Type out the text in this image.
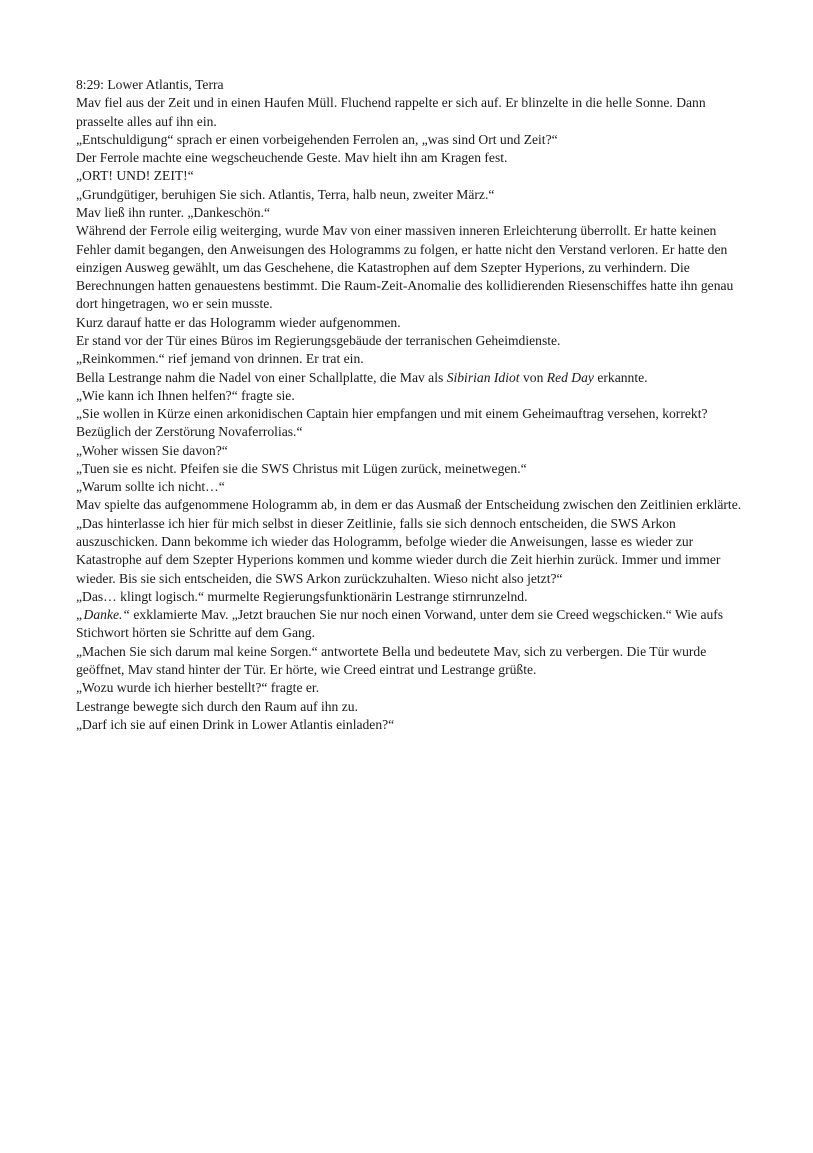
8:29: Lower Atlantis, Terra

Mav fiel aus der Zeit und in einen Haufen Müll. Fluchend rappelte er sich auf. Er blinzelte in die helle Sonne. Dann prasselte alles auf ihn ein.

„Entschuldigung“ sprach er einen vorbeigehenden Ferrolen an, „was sind Ort und Zeit?“

Der Ferrole machte eine wegscheuchende Geste. Mav hielt ihn am Kragen fest.

„ORT! UND! ZEIT!“

„Grundgütiger, beruhigen Sie sich. Atlantis, Terra, halb neun, zweiter März.“

Mav ließ ihn runter. „Dankeschön.“

Während der Ferrole eilig weiterging, wurde Mav von einer massiven inneren Erleichterung überrollt. Er hatte keinen Fehler damit begangen, den Anweisungen des Hologramms zu folgen, er hatte nicht den Verstand verloren. Er hatte den einzigen Ausweg gewählt, um das Geschehene, die Katastrophen auf dem Szepter Hyperions, zu verhindern. Die Berechnungen hatten genauestens bestimmt. Die Raum-Zeit-Anomalie des kollidierenden Riesenschiffes hatte ihn genau dort hingetragen, wo er sein musste.

Kurz darauf hatte er das Hologramm wieder aufgenommen.

Er stand vor der Tür eines Büros im Regierungsgebäude der terranischen Geheimdienste.

„Reinkommen.“ rief jemand von drinnen. Er trat ein.

Bella Lestrange nahm die Nadel von einer Schallplatte, die Mav als Sibirian Idiot von Red Day erkannte.

„Wie kann ich Ihnen helfen?“ fragte sie.

„Sie wollen in Kürze einen arkonidischen Captain hier empfangen und mit einem Geheimauftrag versehen, korrekt? Bezüglich der Zerstörung Novaferrolias.“

„Woher wissen Sie davon?“

„Tuen sie es nicht. Pfeifen sie die SWS Christus mit Lügen zurück, meinetwegen.“

„Warum sollte ich nicht…“

Mav spielte das aufgenommene Hologramm ab, in dem er das Ausmaß der Entscheidung zwischen den Zeitlinien erklärte. „Das hinterlasse ich hier für mich selbst in dieser Zeitlinie, falls sie sich dennoch entscheiden, die SWS Arkon auszuschicken. Dann bekomme ich wieder das Hologramm, befolge wieder die Anweisungen, lasse es wieder zur Katastrophe auf dem Szepter Hyperions kommen und komme wieder durch die Zeit hierhin zurück. Immer und immer wieder. Bis sie sich entscheiden, die SWS Arkon zurückzuhalten. Wieso nicht also jetzt?“

„Das… klingt logisch.“ murmelte Regierungsfunktionärin Lestrange stirnrunzelnd.

„Danke.“ exklamierte Mav. „Jetzt brauchen Sie nur noch einen Vorwand, unter dem sie Creed wegschicken.“ Wie aufs Stichwort hörten sie Schritte auf dem Gang.

„Machen Sie sich darum mal keine Sorgen.“ antwortete Bella und bedeutete Mav, sich zu verbergen. Die Tür wurde geöffnet, Mav stand hinter der Tür. Er hörte, wie Creed eintrat und Lestrange grüßte.

„Wozu wurde ich hierher bestellt?“ fragte er.

Lestrange bewegte sich durch den Raum auf ihn zu.

„Darf ich sie auf einen Drink in Lower Atlantis einladen?“
